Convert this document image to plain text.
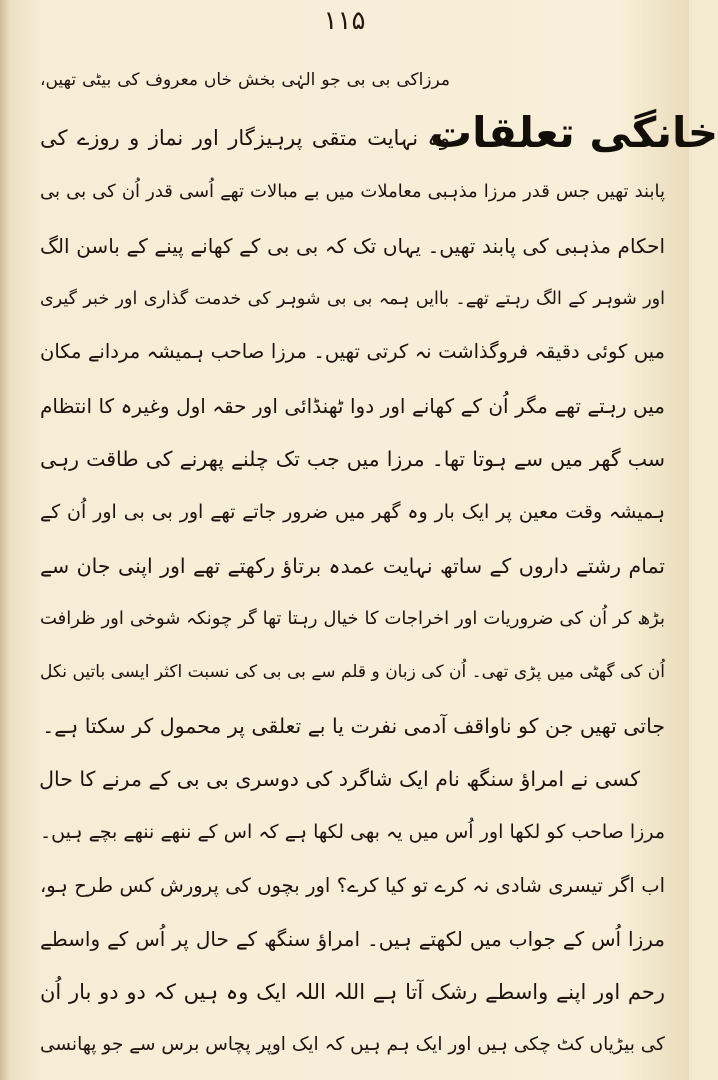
۱۱۵
خانگی تعلقات
مرزاکی بی بی جو الہٰی بخش خاں معروف کی بیٹی تھیں،
وہ نہایت متقی پرہیزگار اور نماز و روزے کی
پابند تھیں جس قدر مرزا مذہبی معاملات میں بے مبالات تھے اُسی قدر اُن کی بی بی
احکام مذہبی کی پابند تھیں۔ یہاں تک کہ بی بی کے کھانے پینے کے باسن الگ
اور شوہر کے الگ رہتے تھے۔ باایں ہمہ بی بی شوہر کی خدمت گذاری اور خبر گیری
میں کوئی دقیقہ فروگذاشت نہ کرتی تھیں۔ مرزا صاحب ہمیشہ مردانے مکان
میں رہتے تھے مگر اُن کے کھانے اور دوا ٹھنڈائی اور حقہ اول وغیرہ کا انتظام
سب گھر میں سے ہوتا تھا۔ مرزا میں جب تک چلنے پھرنے کی طاقت رہی
ہمیشہ وقت معین پر ایک بار وہ گھر میں ضرور جاتے تھے اور بی بی اور اُن کے
تمام رشتے داروں کے ساتھ نہایت عمدہ برتاؤ رکھتے تھے اور اپنی جان سے
بڑھ کر اُن کی ضروریات اور اخراجات کا خیال رہتا تھا گر چونکہ شوخی اور ظرافت
اُن کی گھٹی میں پڑی تھی۔ اُن کی زبان و قلم سے بی بی کی نسبت اکثر ایسی باتیں نکل
جاتی تھیں جن کو ناواقف آدمی نفرت یا بے تعلقی پر محمول کر سکتا ہے۔
کسی نے امراؤ سنگھ نام ایک شاگرد کی دوسری بی بی کے مرنے کا حال
مرزا صاحب کو لکھا اور اُس میں یہ بھی لکھا ہے کہ اس کے ننھے ننھے بچے ہیں۔
اب اگر تیسری شادی نہ کرے تو کیا کرے؟ اور بچوں کی پرورش کس طرح ہو،
مرزا اُس کے جواب میں لکھتے ہیں۔ امراؤ سنگھ کے حال پر اُس کے واسطے
رحم اور اپنے واسطے رشک آتا ہے اللہ اللہ ایک وہ ہیں کہ دو دو بار اُن
کی بیڑیاں کٹ چکی ہیں اور ایک ہم ہیں کہ ایک اوپر پچاس برس سے جو پھانسی
